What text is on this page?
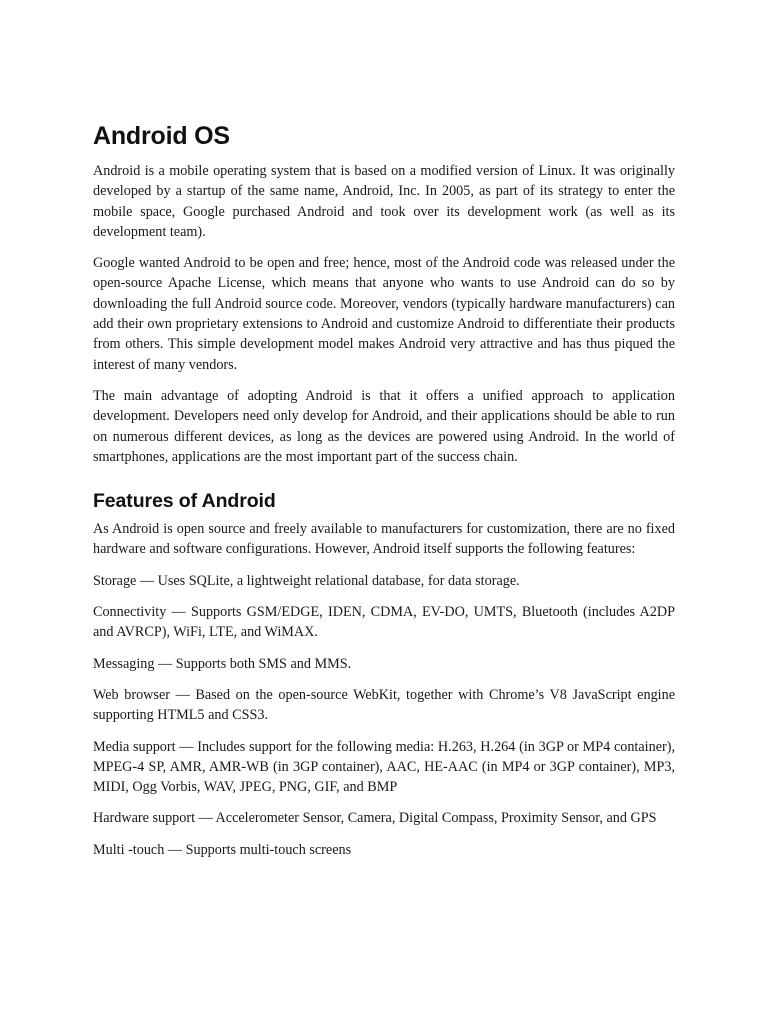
Android OS

Android is a mobile operating system that is based on a modified version of Linux. It was originally developed by a startup of the same name, Android, Inc. In 2005, as part of its strategy to enter the mobile space, Google purchased Android and took over its development work (as well as its development team).

Google wanted Android to be open and free; hence, most of the Android code was released under the open-source Apache License, which means that anyone who wants to use Android can do so by downloading the full Android source code. Moreover, vendors (typically hardware manufacturers) can add their own proprietary extensions to Android and customize Android to differentiate their products from others. This simple development model makes Android very attractive and has thus piqued the interest of many vendors.

The main advantage of adopting Android is that it offers a unified approach to application development. Developers need only develop for Android, and their applications should be able to run on numerous different devices, as long as the devices are powered using Android. In the world of smartphones, applications are the most important part of the success chain.

Features of Android

As Android is open source and freely available to manufacturers for customization, there are no fixed hardware and software configurations. However, Android itself supports the following features:

Storage — Uses SQLite, a lightweight relational database, for data storage.

Connectivity — Supports GSM/EDGE, IDEN, CDMA, EV-DO, UMTS, Bluetooth (includes A2DP and AVRCP), WiFi, LTE, and WiMAX.

Messaging — Supports both SMS and MMS.

Web browser — Based on the open-source WebKit, together with Chrome’s V8 JavaScript engine supporting HTML5 and CSS3.

Media support — Includes support for the following media: H.263, H.264 (in 3GP or MP4 container), MPEG-4 SP, AMR, AMR-WB (in 3GP container), AAC, HE-AAC (in MP4 or 3GP container), MP3, MIDI, Ogg Vorbis, WAV, JPEG, PNG, GIF, and BMP

Hardware support — Accelerometer Sensor, Camera, Digital Compass, Proximity Sensor, and GPS

Multi -touch — Supports multi-touch screens
